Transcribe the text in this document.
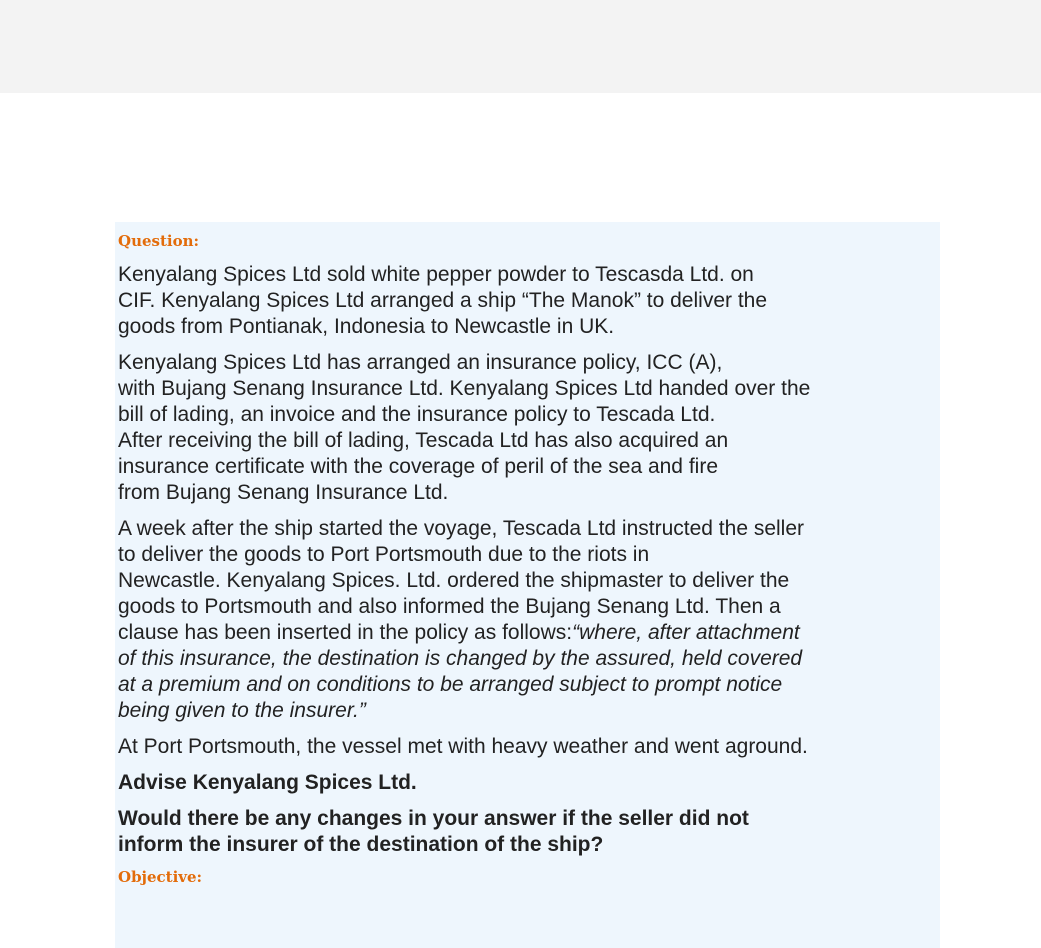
Question:
Kenyalang Spices Ltd sold white pepper powder to Tescasda Ltd. on
CIF. Kenyalang Spices Ltd arranged a ship “The Manok” to deliver the
goods from Pontianak, Indonesia to Newcastle in UK.
Kenyalang Spices Ltd has arranged an insurance policy, ICC (A),
with Bujang Senang Insurance Ltd. Kenyalang Spices Ltd handed over the
bill of lading, an invoice and the insurance policy to Tescada Ltd.
After receiving the bill of lading, Tescada Ltd has also acquired an
insurance certificate with the coverage of peril of the sea and fire
from Bujang Senang Insurance Ltd.
A week after the ship started the voyage, Tescada Ltd instructed the seller
to deliver the goods to Port Portsmouth due to the riots in
Newcastle. Kenyalang Spices. Ltd. ordered the shipmaster to deliver the
goods to Portsmouth and also informed the Bujang Senang Ltd. Then a
clause has been inserted in the policy as follows:“where, after attachment
of this insurance, the destination is changed by the assured, held covered
at a premium and on conditions to be arranged subject to prompt notice
being given to the insurer.”
At Port Portsmouth, the vessel met with heavy weather and went aground.
Advise Kenyalang Spices Ltd.
Would there be any changes in your answer if the seller did not
inform the insurer of the destination of the ship?
Objective:
